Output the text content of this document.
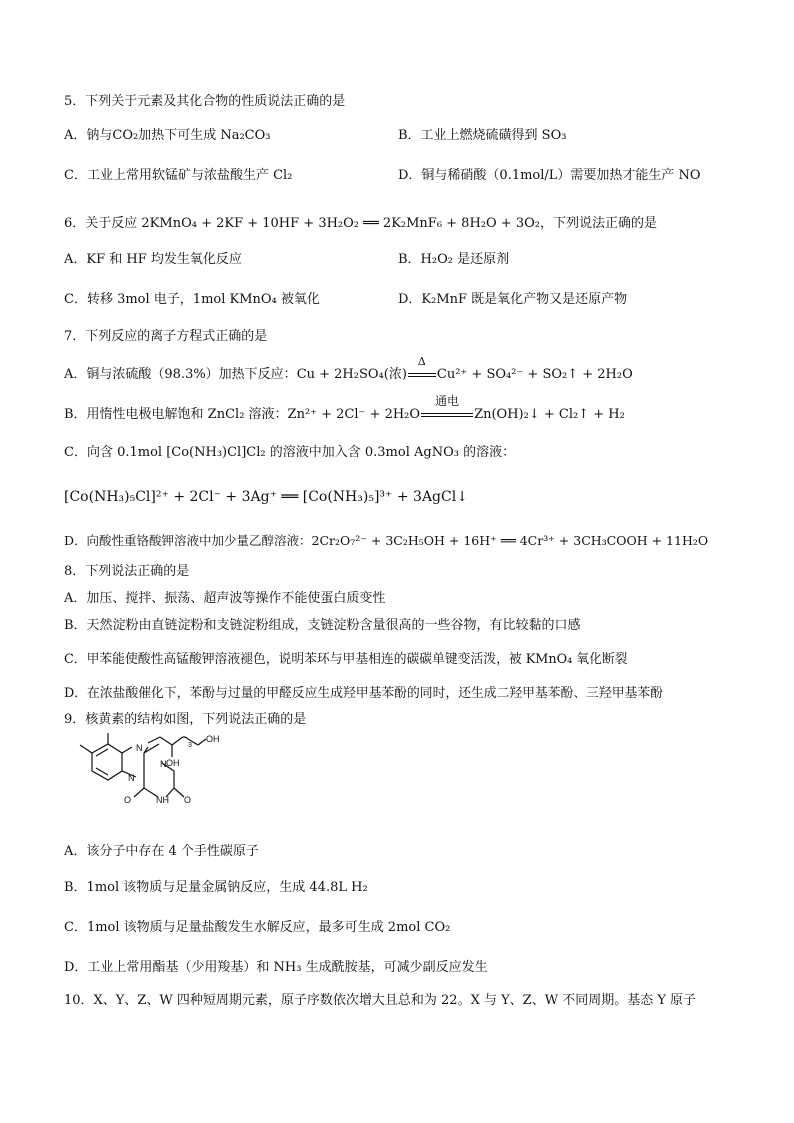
5．下列关于元素及其化合物的性质说法正确的是
A．钠与CO₂加热下可生成 Na₂CO₃	B．工业上燃烧硫磺得到 SO₃
C．工业上常用软锰矿与浓盐酸生产 Cl₂	D．铜与稀硝酸（0.1mol/L）需要加热才能生产 NO
6．关于反应 2KMnO₄ + 2KF + 10HF + 3H₂O₂ ══ 2K₂MnF₆ + 8H₂O + 3O₂，下列说法正确的是
A．KF 和 HF 均发生氧化反应	B．H₂O₂ 是还原剂
C．转移 3mol 电子，1mol KMnO₄ 被氧化	D．K₂MnF 既是氧化产物又是还原产物
7．下列反应的离子方程式正确的是
A．铜与浓硫酸（98.3%）加热下反应：Cu + 2H₂SO₄(浓)
Δ
Cu²⁺ + SO₄²⁻ + SO₂↑ + 2H₂O
B．用惰性电极电解饱和 ZnCl₂ 溶液：Zn²⁺ + 2Cl⁻ + 2H₂O
通电
Zn(OH)₂↓ + Cl₂↑ + H₂
C．向含 0.1mol [Co(NH₃)Cl]Cl₂ 的溶液中加入含 0.3mol AgNO₃ 的溶液：
[Co(NH₃)₅Cl]²⁺ + 2Cl⁻ + 3Ag⁺ ══ [Co(NH₃)₅]³⁺ + 3AgCl↓
D．向酸性重铬酸钾溶液中加少量乙醇溶液：2Cr₂O₇²⁻ + 3C₂H₅OH + 16H⁺ ══ 4Cr³⁺ + 3CH₃COOH + 11H₂O
8．下列说法正确的是
A．加压、搅拌、振荡、超声波等操作不能使蛋白质变性
B．天然淀粉由直链淀粉和支链淀粉组成，支链淀粉含量很高的一些谷物，有比较黏的口感
C．甲苯能使酸性高锰酸钾溶液褪色，说明苯环与甲基相连的碳碳单键变活泼，被 KMnO₄ 氧化断裂
D．在浓盐酸催化下，苯酚与过量的甲醛反应生成羟甲基苯酚的同时，还生成二羟甲基苯酚、三羟甲基苯酚
9．核黄素的结构如图，下列说法正确的是
N
N
N
NH
O	O
OH
OH
3
A．该分子中存在 4 个手性碳原子
B．1mol 该物质与足量金属钠反应，生成 44.8L H₂
C．1mol 该物质与足量盐酸发生水解反应，最多可生成 2mol CO₂
D．工业上常用酯基（少用羧基）和 NH₃ 生成酰胺基，可减少副反应发生
10．X、Y、Z、W 四种短周期元素，原子序数依次增大且总和为 22。X 与 Y、Z、W 不同周期。基态 Y 原子
